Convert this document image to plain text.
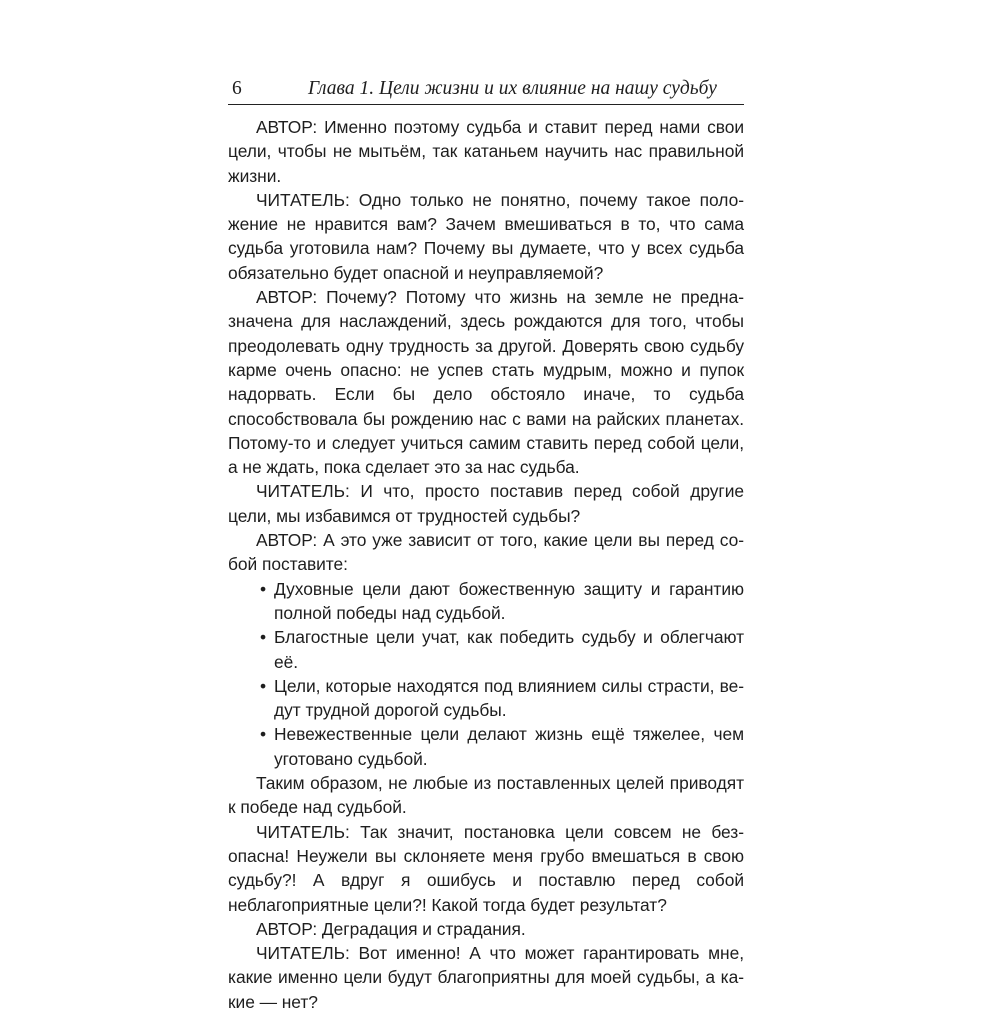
6	Глава 1. Цели жизни и их влияние на нашу судьбу

АВТОР: Именно поэтому судьба и ставит перед нами свои цели, чтобы не мытьём, так катаньем научить нас правильной жизни.

ЧИТАТЕЛЬ: Одно только не понятно, почему такое положение не нравится вам? Зачем вмешиваться в то, что сама судьба уготовила нам? Почему вы думаете, что у всех судьба обязательно будет опасной и неуправляемой?

АВТОР: Почему? Потому что жизнь на земле не предназначена для наслаждений, здесь рождаются для того, чтобы преодолевать одну трудность за другой. Доверять свою судьбу карме очень опасно: не успев стать мудрым, можно и пупок надорвать. Если бы дело обстояло иначе, то судьба способствовала бы рождению нас с вами на райских планетах. Потому-то и следует учиться самим ставить перед собой цели, а не ждать, пока сделает это за нас судьба.

ЧИТАТЕЛЬ: И что, просто поставив перед собой другие цели, мы избавимся от трудностей судьбы?

АВТОР: А это уже зависит от того, какие цели вы перед собой поставите:

• Духовные цели дают божественную защиту и гарантию полной победы над судьбой.
• Благостные цели учат, как победить судьбу и облегчают её.
• Цели, которые находятся под влиянием силы страсти, ведут трудной дорогой судьбы.
• Невежественные цели делают жизнь ещё тяжелее, чем уготовано судьбой.

Таким образом, не любые из поставленных целей приводят к победе над судьбой.

ЧИТАТЕЛЬ: Так значит, постановка цели совсем не безопасна! Неужели вы склоняете меня грубо вмешаться в свою судьбу?! А вдруг я ошибусь и поставлю перед собой неблагоприятные цели?! Какой тогда будет результат?

АВТОР: Деградация и страдания.

ЧИТАТЕЛЬ: Вот именно! А что может гарантировать мне, какие именно цели будут благоприятны для моей судьбы, а какие — нет?
